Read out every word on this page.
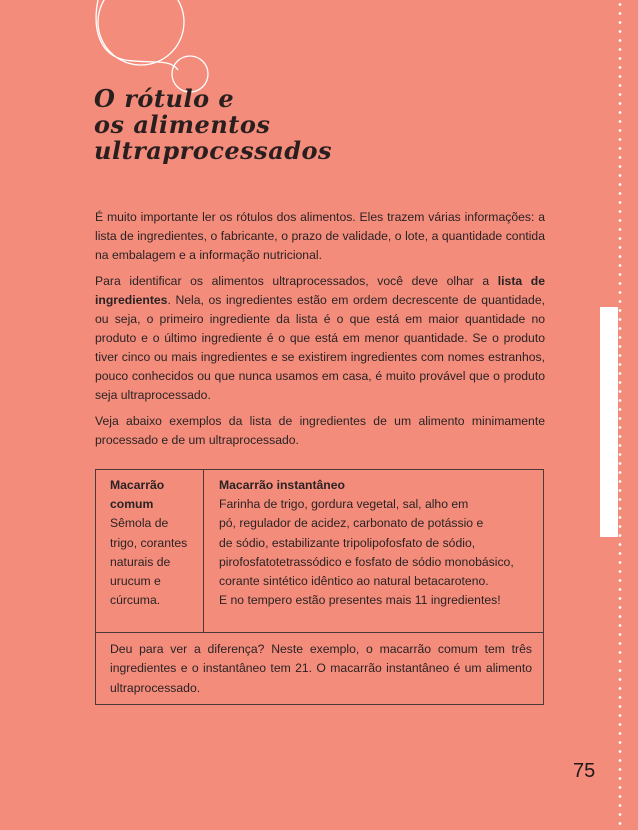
O rótulo e
os alimentos
ultraprocessados

É muito importante ler os rótulos dos alimentos. Eles trazem várias informações: a lista de ingredientes, o fabricante, o prazo de validade, o lote, a quantidade contida na embalagem e a informação nutricional.

Para identificar os alimentos ultraprocessados, você deve olhar a lista de ingredientes. Nela, os ingredientes estão em ordem decrescente de quantidade, ou seja, o primeiro ingrediente da lista é o que está em maior quantidade no produto e o último ingrediente é o que está em menor quantidade. Se o produto tiver cinco ou mais ingredientes e se existirem ingredientes com nomes estranhos, pouco conhecidos ou que nunca usamos em casa, é muito provável que o produto seja ultraprocessado.

Veja abaixo exemplos da lista de ingredientes de um alimento minimamente processado e de um ultraprocessado.

Macarrão
comum
Sêmola de
trigo, corantes
naturais de
urucum e
cúrcuma.
Macarrão instantâneo
Farinha de trigo, gordura vegetal, sal, alho em
pó, regulador de acidez, carbonato de potássio e
de sódio, estabilizante tripolipofosfato de sódio,
pirofosfatotetrassódico e fosfato de sódio monobásico,
corante sintético idêntico ao natural betacaroteno.
E no tempero estão presentes mais 11 ingredientes!
Deu para ver a diferença? Neste exemplo, o macarrão comum tem três ingredientes e o instantâneo tem 21. O macarrão instantâneo é um alimento ultraprocessado.
75
